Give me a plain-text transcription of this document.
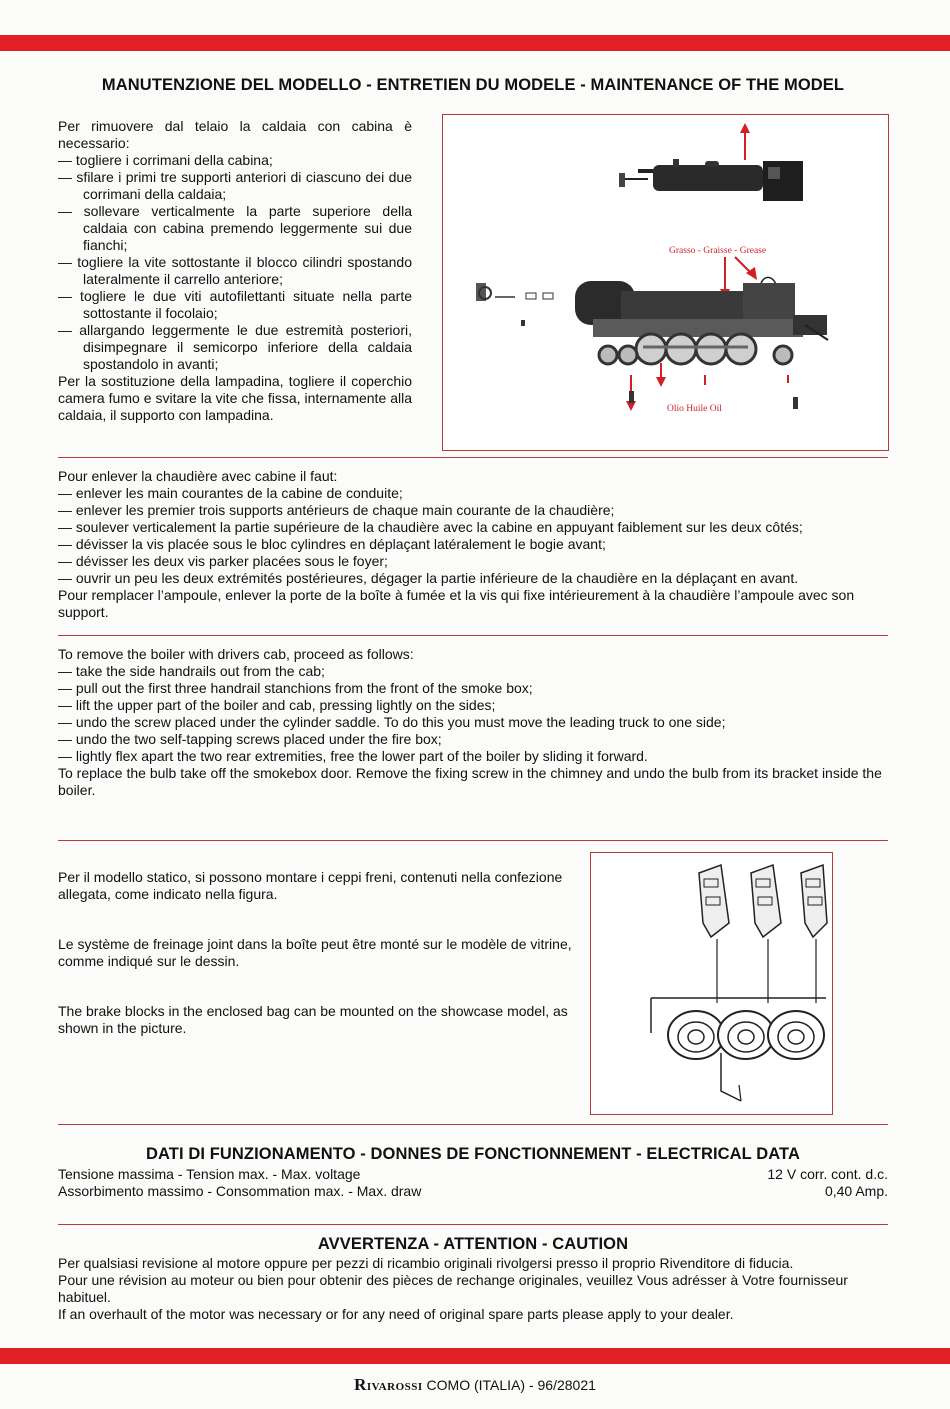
MANUTENZIONE DEL MODELLO - ENTRETIEN DU MODELE - MAINTENANCE OF THE MODEL

Per rimuovere dal telaio la caldaia con cabina è necessario:

— togliere i corrimani della cabina;
— sfilare i primi tre supporti anteriori di ciascuno dei due corrimani della caldaia;
— sollevare verticalmente la parte superiore della caldaia con cabina premendo leggermente sui due fianchi;
— togliere la vite sottostante il blocco cilindri spostando lateralmente il carrello anteriore;
— togliere le due viti autofilettanti situate nella parte sottostante il focolaio;
— allargando leggermente le due estremità posteriori, disimpegnare il semicorpo inferiore della caldaia spostandolo in avanti;

Per la sostituzione della lampadina, togliere il coperchio camera fumo e svitare la vite che fissa, internamente alla caldaia, il supporto con lampadina.

Grasso - Graisse - Grease
Olio Huile Oil

Pour enlever la chaudière avec cabine il faut:

— enlever les main courantes de la cabine de conduite;
— enlever les premier trois supports antérieurs de chaque main courante de la chaudière;
— soulever verticalement la partie supérieure de la chaudière avec la cabine en appuyant faiblement sur les deux côtés;
— dévisser la vis placée sous le bloc cylindres en déplaçant latéralement le bogie avant;
— dévisser les deux vis parker placées sous le foyer;
— ouvrir un peu les deux extrémités postérieures, dégager la partie inférieure de la chaudière en la déplaçant en avant.

Pour remplacer l’ampoule, enlever la porte de la boîte à fumée et la vis qui fixe intérieurement à la chaudière l’ampoule avec son support.

To remove the boiler with drivers cab, proceed as follows:

— take the side handrails out from the cab;
— pull out the first three handrail stanchions from the front of the smoke box;
— lift the upper part of the boiler and cab, pressing lightly on the sides;
— undo the screw placed under the cylinder saddle. To do this you must move the leading truck to one side;
— undo the two self-tapping screws placed under the fire box;
— lightly flex apart the two rear extremities, free the lower part of the boiler by sliding it forward.

To replace the bulb take off the smokebox door. Remove the fixing screw in the chimney and undo the bulb from its bracket inside the boiler.

Per il modello statico, si possono montare i ceppi freni, contenuti nella confezione allegata, come indicato nella figura.
Le système de freinage joint dans la boîte peut être monté sur le modèle de vitrine, comme indiqué sur le dessin.
The brake blocks in the enclosed bag can be mounted on the showcase model, as shown in the picture.
DATI DI FUNZIONAMENTO - DONNES DE FONCTIONNEMENT - ELECTRICAL DATA
Tensione massima - Tension max. - Max. voltage	12 V corr. cont. d.c.
Assorbimento massimo - Consommation max. - Max. draw	0,40 Amp.
AVVERTENZA - ATTENTION - CAUTION

Per qualsiasi revisione al motore oppure per pezzi di ricambio originali rivolgersi presso il proprio Rivenditore di fiducia.

Pour une révision au moteur ou bien pour obtenir des pièces de rechange originales, veuillez Vous adrésser à Votre fournisseur habituel.

If an overhault of the motor was necessary or for any need of original spare parts please apply to your dealer.

RIVAROSSI COMO (ITALIA) - 96/28021
